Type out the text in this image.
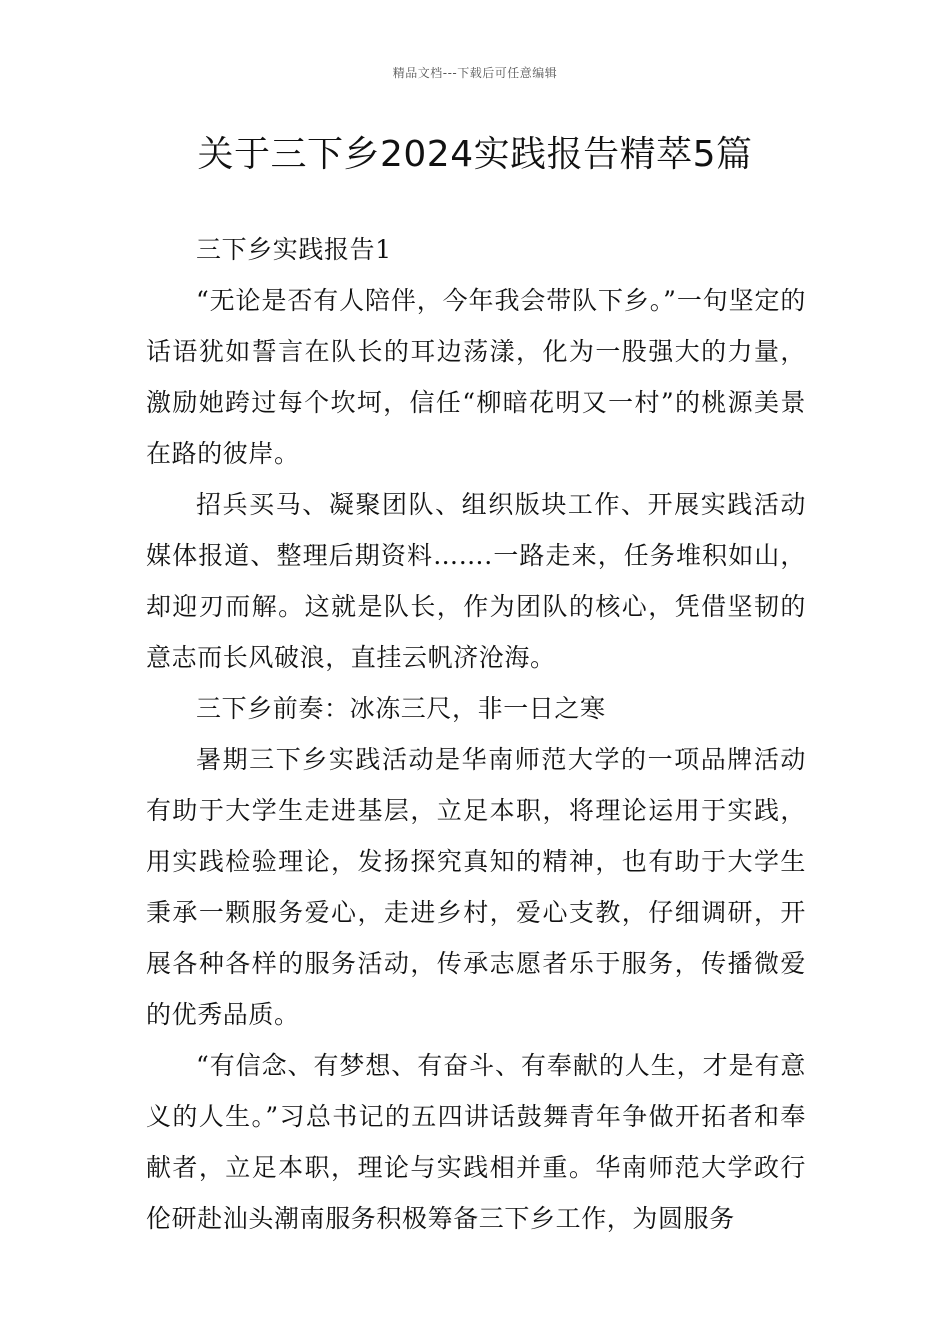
精品文档---下载后可任意编辑
关于三下乡2024实践报告精萃5篇

三下乡实践报告1

“无论是否有人陪伴，今年我会带队下乡。”一句坚定的话语犹如誓言在队长的耳边荡漾，化为一股强大的力量，激励她跨过每个坎坷，信任“柳暗花明又一村”的桃源美景在路的彼岸。

招兵买马、凝聚团队、组织版块工作、开展实践活动媒体报道、整理后期资料…….一路走来，任务堆积如山，却迎刃而解。这就是队长，作为团队的核心，凭借坚韧的意志而长风破浪，直挂云帆济沧海。

三下乡前奏：冰冻三尺，非一日之寒

暑期三下乡实践活动是华南师范大学的一项品牌活动有助于大学生走进基层，立足本职，将理论运用于实践，用实践检验理论，发扬探究真知的精神，也有助于大学生秉承一颗服务爱心，走进乡村，爱心支教，仔细调研，开展各种各样的服务活动，传承志愿者乐于服务，传播微爱的优秀品质。

“有信念、有梦想、有奋斗、有奉献的人生，才是有意义的人生。”习总书记的五四讲话鼓舞青年争做开拓者和奉献者，立足本职，理论与实践相并重。华南师范大学政行伦研赴汕头潮南服务积极筹备三下乡工作，为圆服务
